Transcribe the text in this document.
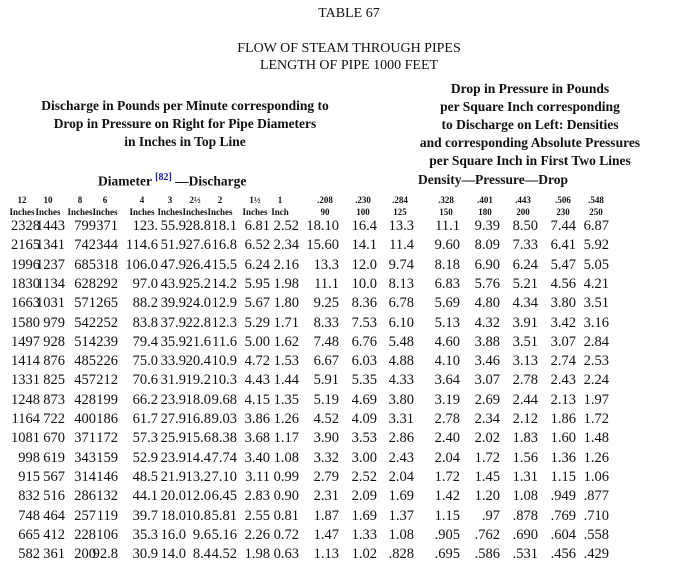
TABLE 67
FLOW OF STEAM THROUGH PIPES
LENGTH OF PIPE 1000 FEET
Discharge in Pounds per Minute corresponding to
Drop in Pressure on Right for Pipe Diameters
in Inches in Top Line
Drop in Pressure in Pounds
per Square Inch corresponding
to Discharge on Left: Densities
and corresponding Absolute Pressures
per Square Inch in First Two Lines
Diameter [82] —Discharge	Density—Pressure—Drop
12
Inches
10
Inches
8
Inches
6
Inches
4
Inches
3
Inches
2½
Inches
2
Inches
1½
Inches
1
Inch
.208
90
.230
100
.284
125
.328
150
.401
180
.443
200
.506
230
.548
250
2328
1443 799 371 123. 55.9 28.8 18.1 6.81 2.52 18.10 16.4 13.3 11.1 9.39 8.50 7.44 6.87
2165
1341 742 344 114.6 51.9 27.6 16.8 6.52 2.34 15.60 14.1 11.4 9.60 8.09 7.33 6.41 5.92
1996
1237 685 318 106.0 47.9 26.4 15.5 6.24 2.16 13.3 12.0 9.74 8.18 6.90 6.24 5.47 5.05
1830
1134 628 292 97.0 43.9 25.2 14.2 5.95 1.98 11.1 10.0 8.13 6.83 5.76 5.21 4.56 4.21
1663
1031 571 265 88.2 39.9 24.0 12.9 5.67 1.80 9.25 8.36 6.78 5.69 4.80 4.34 3.80 3.51
1580 979 542 252 83.8 37.9 22.8 12.3 5.29 1.71 8.33 7.53 6.10 5.13 4.32 3.91 3.42 3.16
1497 928 514 239 79.4 35.9 21.6 11.6 5.00 1.62 7.48 6.76 5.48 4.60 3.88 3.51 3.07 2.84
1414 876 485 226 75.0 33.9 20.4 10.9 4.72 1.53 6.67 6.03 4.88 4.10 3.46 3.13 2.74 2.53
1331 825 457 212 70.6 31.9 19.2 10.3 4.43 1.44 5.91 5.35 4.33 3.64 3.07 2.78 2.43 2.24
1248 873 428 199 66.2 23.9 18.0 9.68 4.15 1.35 5.19 4.69 3.80 3.19 2.69 2.44 2.13 1.97
1164 722 400 186 61.7 27.9 16.8 9.03 3.86 1.26 4.52 4.09 3.31 2.78 2.34 2.12 1.86 1.72
1081 670 371 172 57.3 25.9 15.6 8.38 3.68 1.17 3.90 3.53 2.86 2.40 2.02 1.83 1.60 1.48
998 619 343 159 52.9 23.9 14.4 7.74 3.40 1.08 3.32 3.00 2.43 2.04 1.72 1.56 1.36 1.26
915 567 314 146 48.5 21.9 13.2 7.10 3.11 0.99 2.79 2.52 2.04 1.72 1.45 1.31 1.15 1.06
832 516 286 132 44.1 20.0 12.0 6.45 2.83 0.90 2.31 2.09 1.69 1.42 1.20 1.08 .949 .877
748 464 257 119 39.7 18.0 10.8 5.81 2.55 0.81 1.87 1.69 1.37 1.15 .97 .878 .769 .710
665 412 228 106 35.3 16.0 9.6 5.16 2.26 0.72 1.47 1.33 1.08 .905 .762 .690 .604 .558
582 361 200
92.8 30.9 14.0 8.4 4.52 1.98 0.63 1.13 1.02 .828 .695 .586 .531 .456 .429
